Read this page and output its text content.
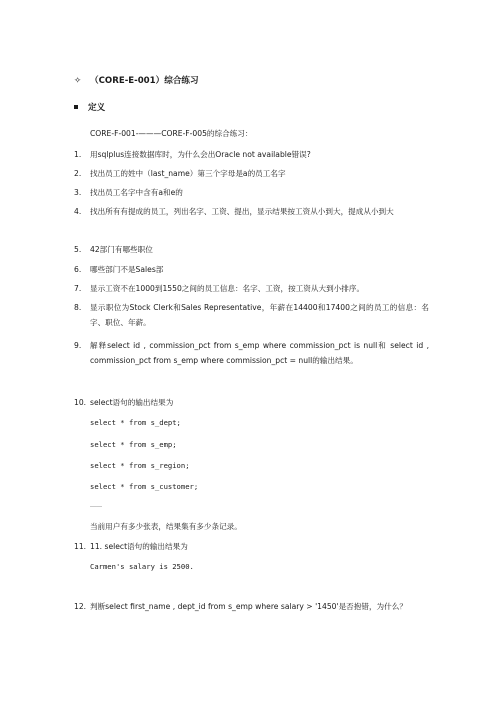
✧ （CORE-E-001）综合练习
定义
CORE-F-001-———CORE-F-005的综合练习：
1.	用sqlplus连接数据库时，为什么会出Oracle not available错误?
2.	找出员工的姓中（last_name）第三个字母是a的员工名字
3.	找出员工名字中含有a和e的
4.	找出所有有提成的员工，列出名字、工资、提出，显示结果按工资从小到大，提成从小到大
5.	42部门有哪些职位
6.	哪些部门不是Sales部
7.	显示工资不在1000到1550之间的员工信息：名字、工资，按工资从大到小排序。
8.	显示职位为Stock Clerk和Sales Representative，年薪在14400和17400之间的员工的信息：名字、职位、年薪。
9.	解释select id , commission_pct from s_emp where commission_pct is null和 select id , commission_pct from s_emp where commission_pct = null的输出结果。
10. select语句的输出结果为
select * from s_dept;
select * from s_emp;
select * from s_region;
select * from s_customer;
……
当前用户有多少张表，结果集有多少条记录。
11. 11. select语句的输出结果为
Carmen's salary is 2500.
12. 判断select first_name , dept_id from s_emp where salary > '1450'是否抱错，为什么？
